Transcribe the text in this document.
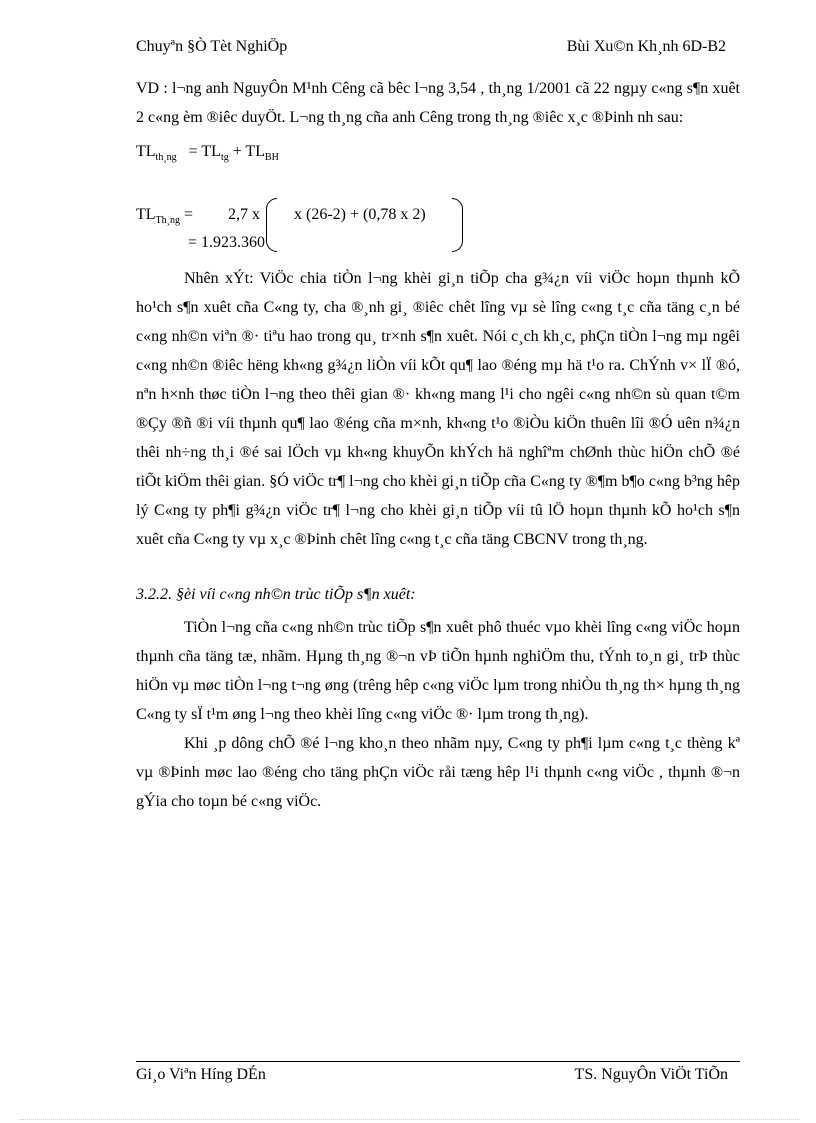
Chuyªn §Ò Tèt NghiÖp	Bùi Xu©n Kh¸nh 6D-B2

VD : l¬ng anh NguyÔn M¹nh Cêng cã bêc l¬ng 3,54 , th¸ng 1/2001 cã 22 ngµy c«ng s¶n xuêt 2 c«ng èm ®iêc duyÖt. L¬ng th¸ng cña anh Cêng trong th¸ng ®iêc x¸c ®Þinh nh sau:

$TL_{th¸ng} = TL_{tg} + TL_{BH}$
$TL_{Th¸ng} = 2,7$ x x (26-2) + (0,78 x 2)
= 1.923.360

Nhên xÝt: ViÖc chia tiÒn l¬ng khèi gi¸n tiÕp cha g¾¿n víi viÖc hoµn thµnh kÕ ho¹ch s¶n xuêt cña C«ng ty, cha ®¸nh gi¸ ®iêc chêt lîng vµ sè lîng c«ng t¸c cña täng c¸n bé c«ng nh©n viªn ®· tiªu hao trong qu¸ tr×nh s¶n xuêt. Nói c¸ch kh¸c, phÇn tiÒn l¬ng mµ ngêi c«ng nh©n ®iêc hëng kh«ng g¾¿n liÒn víi kÕt qu¶ lao ®éng mµ hä t¹o ra. ChÝnh v× lÏ ®ó, nªn h×nh thøc tiÒn l¬ng theo thêi gian ®· kh«ng mang l¹i cho ngêi c«ng nh©n sù quan t©m ®Çy ®ñ ®i víi thµnh qu¶ lao ®éng cña m×nh, kh«ng t¹o ®iÒu kiÖn thuên lîi ®Ó uên n¾¿n thêi nh÷ng th¸i ®é sai lÖch vµ kh«ng khuyÕn khÝch hä nghîªm chØnh thùc hiÖn chÕ ®é tiÕt kiÖm thêi gian. §Ó viÖc tr¶ l¬ng cho khèi gi¸n tiÕp cña C«ng ty ®¶m b¶o c«ng b³ng hêp lý C«ng ty ph¶i g¾¿n viÖc tr¶ l¬ng cho khèi gi¸n tiÕp víi tû lÖ hoµn thµnh kÕ ho¹ch s¶n xuêt cña C«ng ty vµ x¸c ®Þinh chêt lîng c«ng t¸c cña täng CBCNV trong th¸ng.

3.2.2. §èi víi c«ng nh©n trùc tiÕp s¶n xuêt:

TiÒn l¬ng cña c«ng nh©n trùc tiÕp s¶n xuêt phô thuéc vµo khèi lîng c«ng viÖc hoµn thµnh cña täng tæ, nhãm. Hµng th¸ng ®¬n vÞ tiÕn hµnh nghiÖm thu, tÝnh to¸n gi¸ trÞ thùc hiÖn vµ møc tiÒn l¬ng t¬ng øng (trêng hêp c«ng viÖc lµm trong nhiÒu th¸ng th× hµng th¸ng C«ng ty sÏ t¹m øng l¬ng theo khèi lîng c«ng viÖc ®· lµm trong th¸ng).

Khi ¸p dông chÕ ®é l¬ng kho¸n theo nhãm nµy, C«ng ty ph¶i lµm c«ng t¸c thèng kª vµ ®Þinh møc lao ®éng cho täng phÇn viÖc råi tæng hêp l¹i thµnh c«ng viÖc , thµnh ®¬n gÝia cho toµn bé c«ng viÖc.

Gi¸o Viªn Híng DÉn	TS. NguyÔn ViÖt TiÕn
